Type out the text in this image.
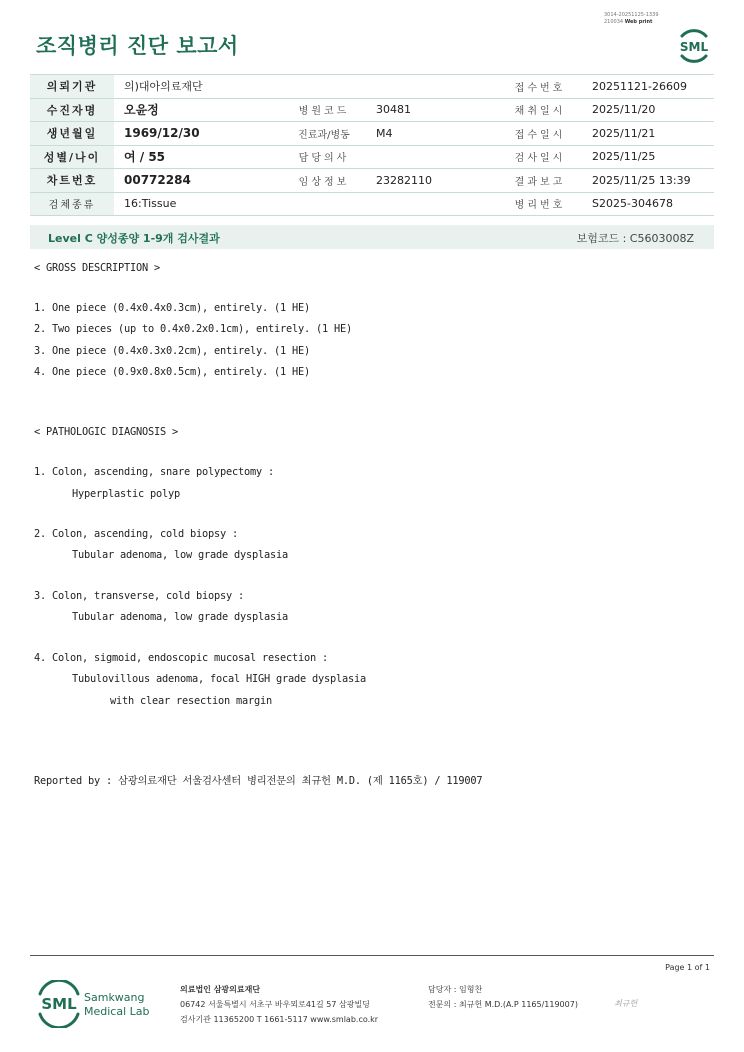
3014-20251125-1339
210034 Web print
조직병리 진단 보고서	SML
의뢰기관	의)대아의료재단			접수번호	20251121-26609
수진자명	오윤정	병원코드	30481	채취일시	2025/11/20
생년월일	1969/12/30	진료과/병동	M4	접수일시	2025/11/21
성별/나이	여 / 55	담당의사		검사일시	2025/11/25
차트번호	00772284	임상정보	23282110	결과보고	2025/11/25 13:39
검체종류	16:Tissue			병리번호	S2025-304678
Level C 양성종양 1-9개 검사결과	보험코드 : C5603008Z
< GROSS DESCRIPTION >
1. One piece (0.4x0.4x0.3cm), entirely. (1 HE)
2. Two pieces (up to 0.4x0.2x0.1cm), entirely. (1 HE)
3. One piece (0.4x0.3x0.2cm), entirely. (1 HE)
4. One piece (0.9x0.8x0.5cm), entirely. (1 HE)
< PATHOLOGIC DIAGNOSIS >
1. Colon, ascending, snare polypectomy :
Hyperplastic polyp
2. Colon, ascending, cold biopsy :
Tubular adenoma, low grade dysplasia
3. Colon, transverse, cold biopsy :
Tubular adenoma, low grade dysplasia
4. Colon, sigmoid, endoscopic mucosal resection :
Tubulovillous adenoma, focal HIGH grade dysplasia
with clear resection margin
Reported by : 삼광의료재단 서울검사센터 병리전문의 최규헌 M.D. (제 1165호) / 119007
Page 1 of 1
SML Samkwang
Medical Lab
의료법인 삼광의료재단
06742 서울특별시 서초구 바우뫼로41길 57 삼광빌딩
검사기관 11365200 T 1661-5117 www.smlab.co.kr
담당자 : 임형찬
전문의 : 최규헌 M.D.(A.P 1165/119007)	최규헌
